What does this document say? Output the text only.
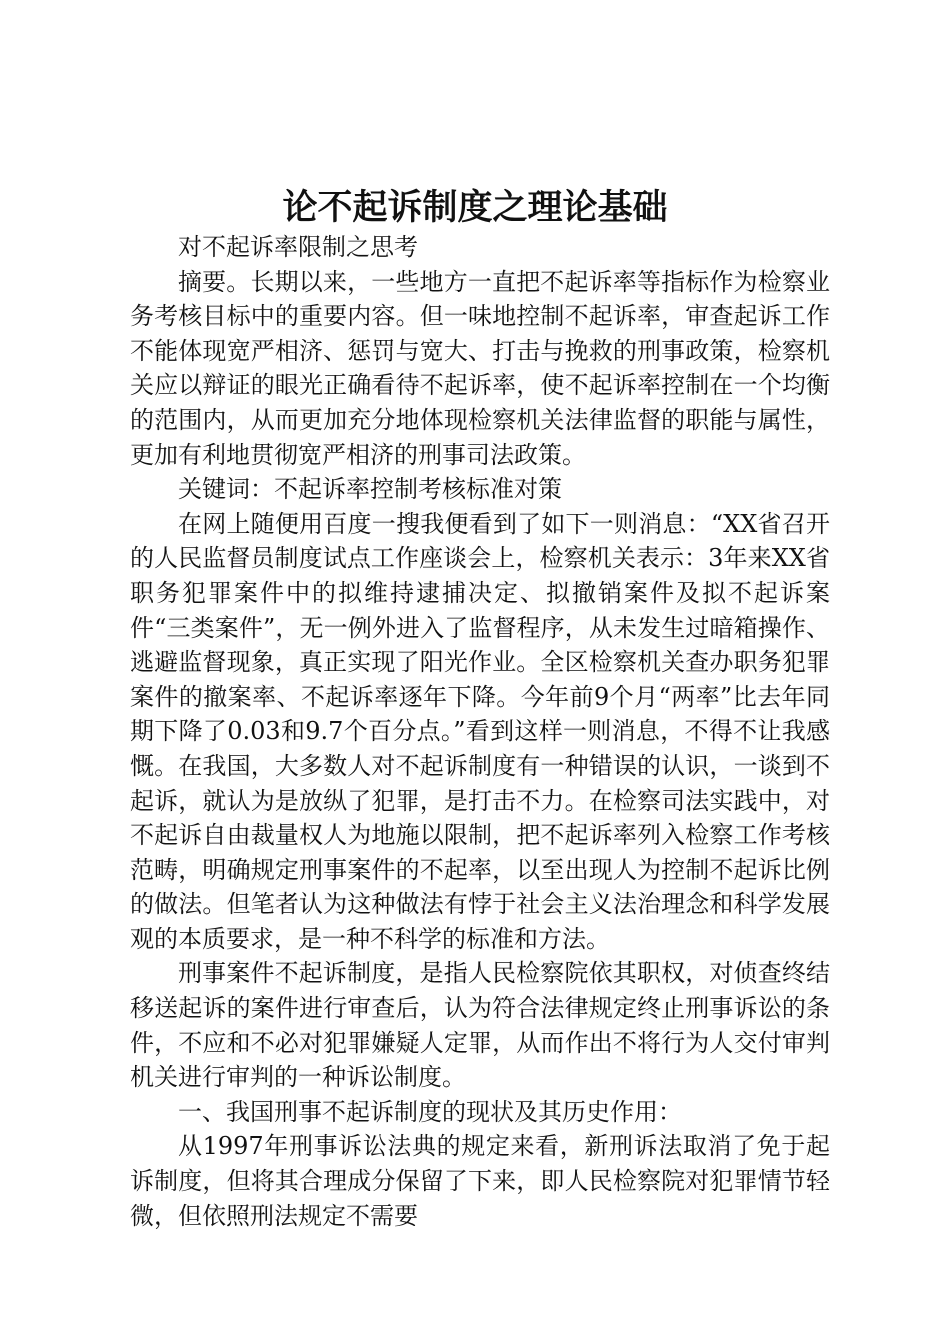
论不起诉制度之理论基础

对不起诉率限制之思考

摘要。长期以来，一些地方一直把不起诉率等指标作为检察业务考核目标中的重要内容。但一味地控制不起诉率，审查起诉工作不能体现宽严相济、惩罚与宽大、打击与挽救的刑事政策，检察机关应以辩证的眼光正确看待不起诉率，使不起诉率控制在一个均衡的范围内，从而更加充分地体现检察机关法律监督的职能与属性，更加有利地贯彻宽严相济的刑事司法政策。

关键词：不起诉率控制考核标准对策

在网上随便用百度一搜我便看到了如下一则消息：“XX省召开的人民监督员制度试点工作座谈会上，检察机关表示：3年来XX省职务犯罪案件中的拟维持逮捕决定、拟撤销案件及拟不起诉案件“三类案件”，无一例外进入了监督程序，从未发生过暗箱操作、逃避监督现象，真正实现了阳光作业。全区检察机关查办职务犯罪案件的撤案率、不起诉率逐年下降。今年前9个月“两率”比去年同期下降了0.03和9.7个百分点。”看到这样一则消息，不得不让我感慨。在我国，大多数人对不起诉制度有一种错误的认识，一谈到不起诉，就认为是放纵了犯罪，是打击不力。在检察司法实践中，对不起诉自由裁量权人为地施以限制，把不起诉率列入检察工作考核范畴，明确规定刑事案件的不起率，以至出现人为控制不起诉比例的做法。但笔者认为这种做法有悖于社会主义法治理念和科学发展观的本质要求，是一种不科学的标准和方法。

刑事案件不起诉制度，是指人民检察院依其职权，对侦查终结移送起诉的案件进行审查后，认为符合法律规定终止刑事诉讼的条件，不应和不必对犯罪嫌疑人定罪，从而作出不将行为人交付审判机关进行审判的一种诉讼制度。

一、我国刑事不起诉制度的现状及其历史作用：

从1997年刑事诉讼法典的规定来看，新刑诉法取消了免于起诉制度，但将其合理成分保留了下来，即人民检察院对犯罪情节轻微，但依照刑法规定不需要
